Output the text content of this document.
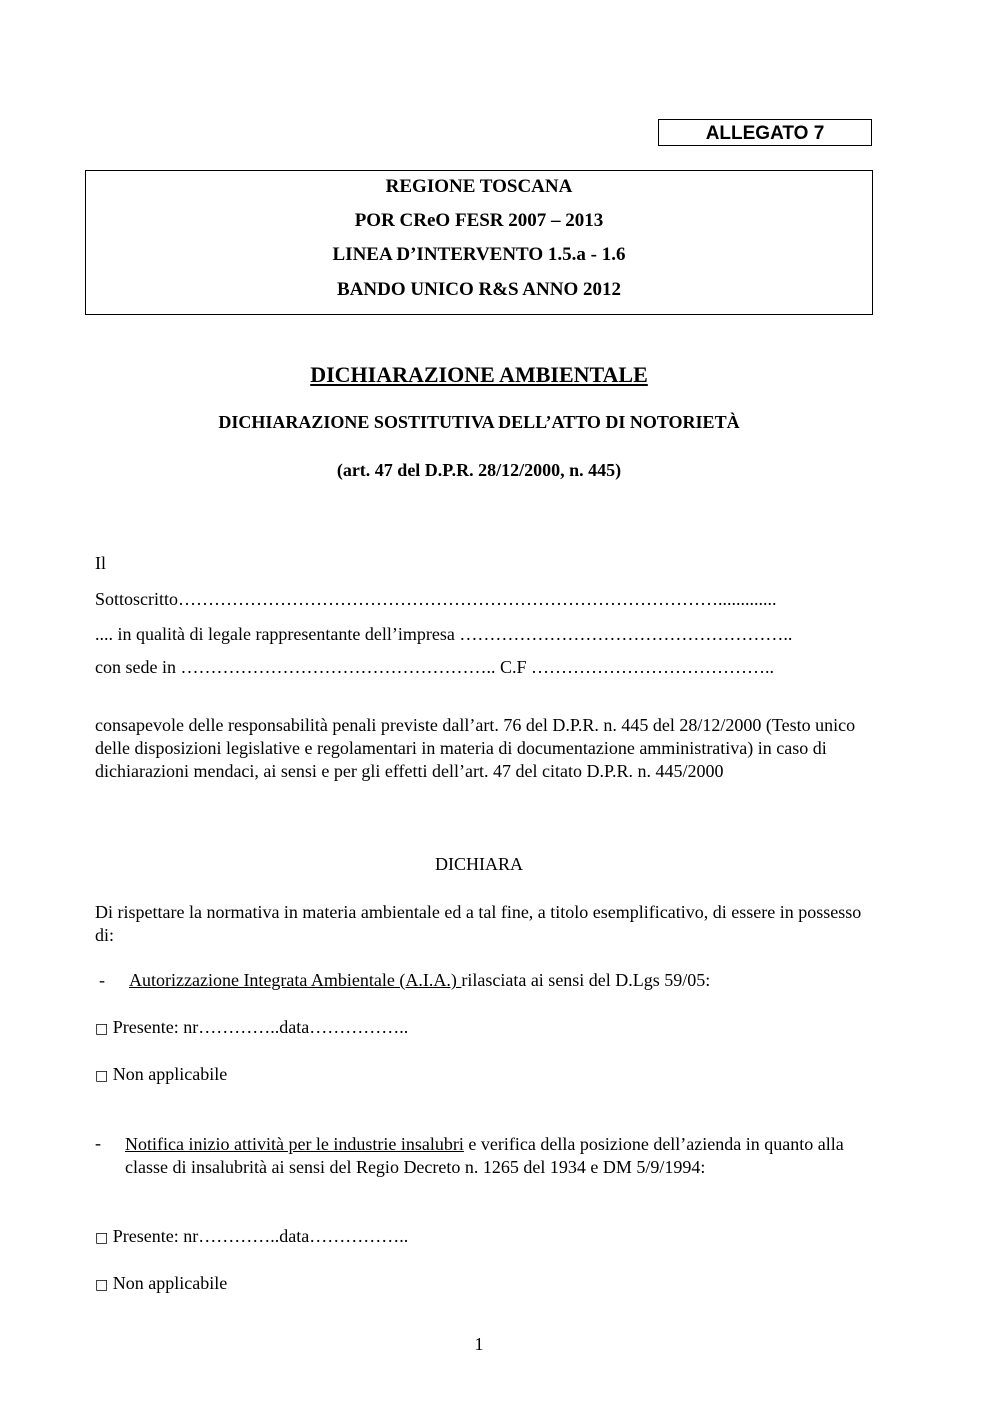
ALLEGATO 7
REGIONE TOSCANA
POR CReO FESR 2007 – 2013
LINEA D’INTERVENTO 1.5.a - 1.6
BANDO UNICO R&S ANNO 2012
DICHIARAZIONE AMBIENTALE
DICHIARAZIONE SOSTITUTIVA DELL’ATTO DI NOTORIETÀ
(art. 47 del D.P.R. 28/12/2000, n. 445)
Il
Sottoscritto……………………………………………………………………………….............
.... in qualità di legale rappresentante dell’impresa ………………………………………………..
con sede in …………………………………………….. C.F …………………………………..
consapevole delle responsabilità penali previste dall’art. 76 del D.P.R. n. 445 del 28/12/2000 (Testo unico delle disposizioni legislative e regolamentari in materia di documentazione amministrativa) in caso di dichiarazioni mendaci, ai sensi e per gli effetti dell’art. 47 del citato D.P.R. n. 445/2000
DICHIARA
Di rispettare la normativa in materia ambientale ed a tal fine, a titolo esemplificativo, di essere in possesso di:
- Autorizzazione Integrata Ambientale (A.I.A.) rilasciata ai sensi del D.Lgs 59/05:
□ Presente: nr…………..data……………..
□ Non applicabile
- Notifica inizio attività per le industrie insalubri e verifica della posizione dell’azienda in quanto alla classe di insalubrità ai sensi del Regio Decreto n. 1265 del 1934 e DM 5/9/1994:
□ Presente: nr…………..data……………..
□ Non applicabile
1
